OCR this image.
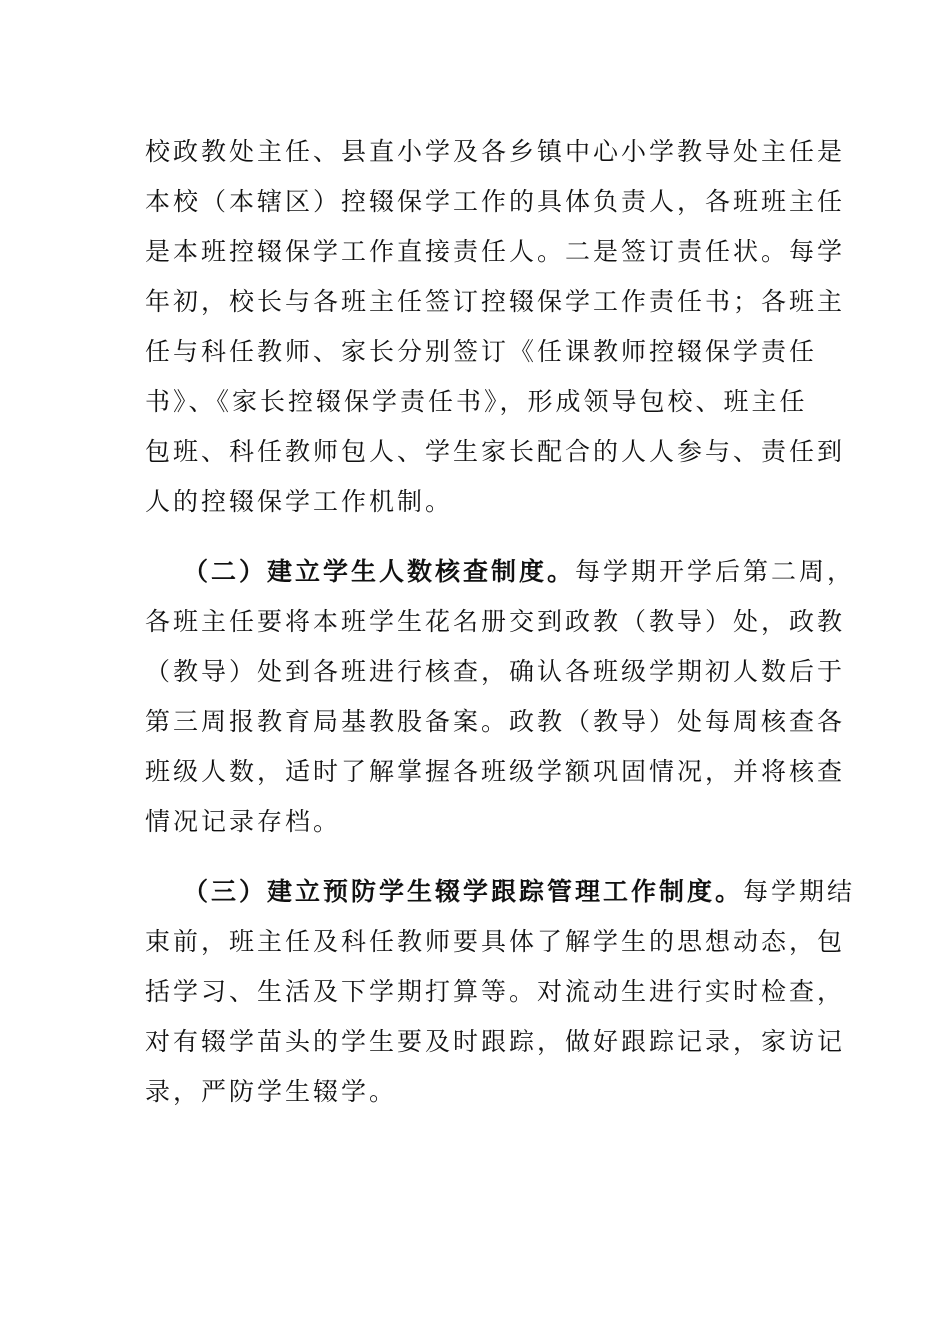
校政教处主任、县直小学及各乡镇中心小学教导处主任是
本校（本辖区）控辍保学工作的具体负责人，各班班主任
是本班控辍保学工作直接责任人。二是签订责任状。每学
年初，校长与各班主任签订控辍保学工作责任书；各班主
任与科任教师、家长分别签订《任课教师控辍保学责任
书》、《家长控辍保学责任书》，形成领导包校、班主任
包班、科任教师包人、学生家长配合的人人参与、责任到
人的控辍保学工作机制。
（二）建立学生人数核查制度。每学期开学后第二周，
各班主任要将本班学生花名册交到政教（教导）处，政教
（教导）处到各班进行核查，确认各班级学期初人数后于
第三周报教育局基教股备案。政教（教导）处每周核查各
班级人数，适时了解掌握各班级学额巩固情况，并将核查
情况记录存档。
（三）建立预防学生辍学跟踪管理工作制度。每学期结
束前，班主任及科任教师要具体了解学生的思想动态，包
括学习、生活及下学期打算等。对流动生进行实时检查，
对有辍学苗头的学生要及时跟踪，做好跟踪记录，家访记
录，严防学生辍学。
